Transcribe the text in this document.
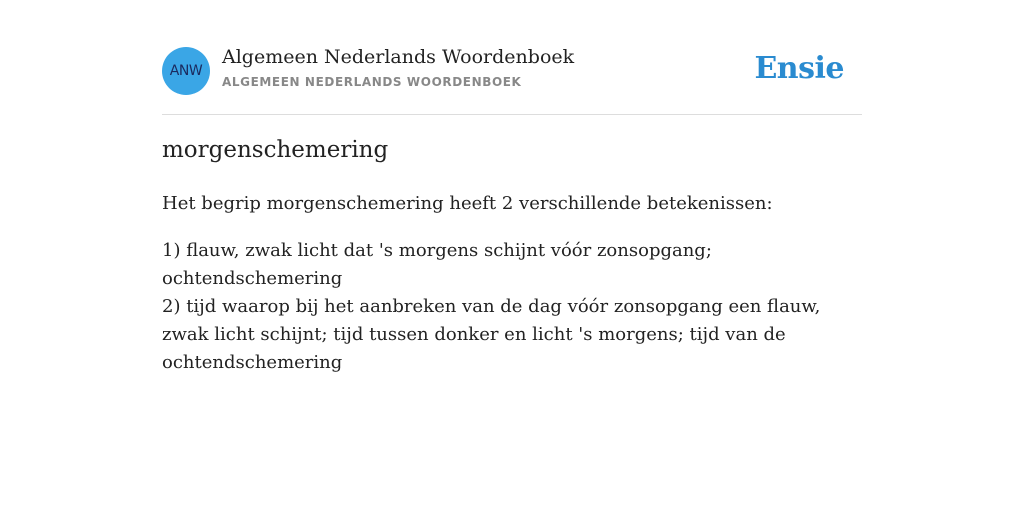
ANW
Algemeen Nederlands Woordenboek
ALGEMEEN NEDERLANDS WOORDENBOEK	Ensie
morgenschemering

Het begrip morgenschemering heeft 2 verschillende betekenissen:

1) flauw, zwak licht dat 's morgens schijnt vóór zonsopgang; ochtendschemering
2) tijd waarop bij het aanbreken van de dag vóór zonsopgang een flauw, zwak licht schijnt; tijd tussen donker en licht 's morgens; tijd van de ochtendschemering
